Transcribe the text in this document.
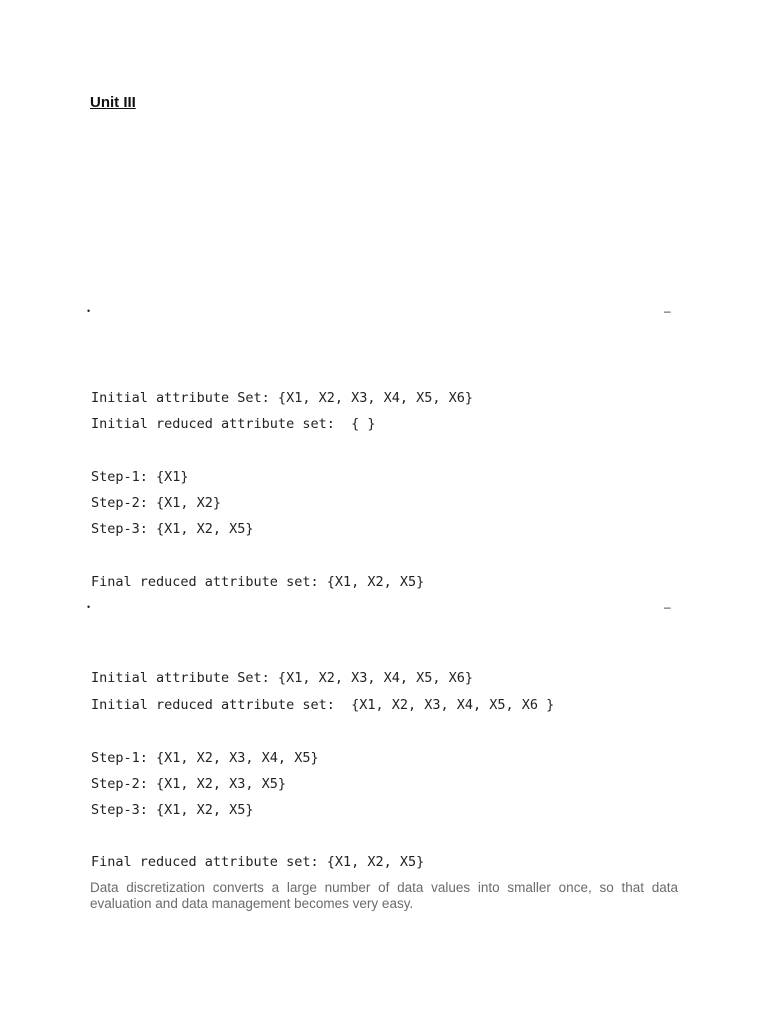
Unit III
•	–

Initial attribute Set: {X1, X2, X3, X4, X5, X6}

Initial reduced attribute set:  { }

Step-1: {X1}

Step-2: {X1, X2}

Step-3: {X1, X2, X5}

Final reduced attribute set: {X1, X2, X5}

•	–

Initial attribute Set: {X1, X2, X3, X4, X5, X6}

Initial reduced attribute set:  {X1, X2, X3, X4, X5, X6 }

Step-1: {X1, X2, X3, X4, X5}

Step-2: {X1, X2, X3, X5}

Step-3: {X1, X2, X5}

Final reduced attribute set: {X1, X2, X5}

Data discretization converts a large number of data values into smaller once, so that data evaluation and data management becomes very easy.
